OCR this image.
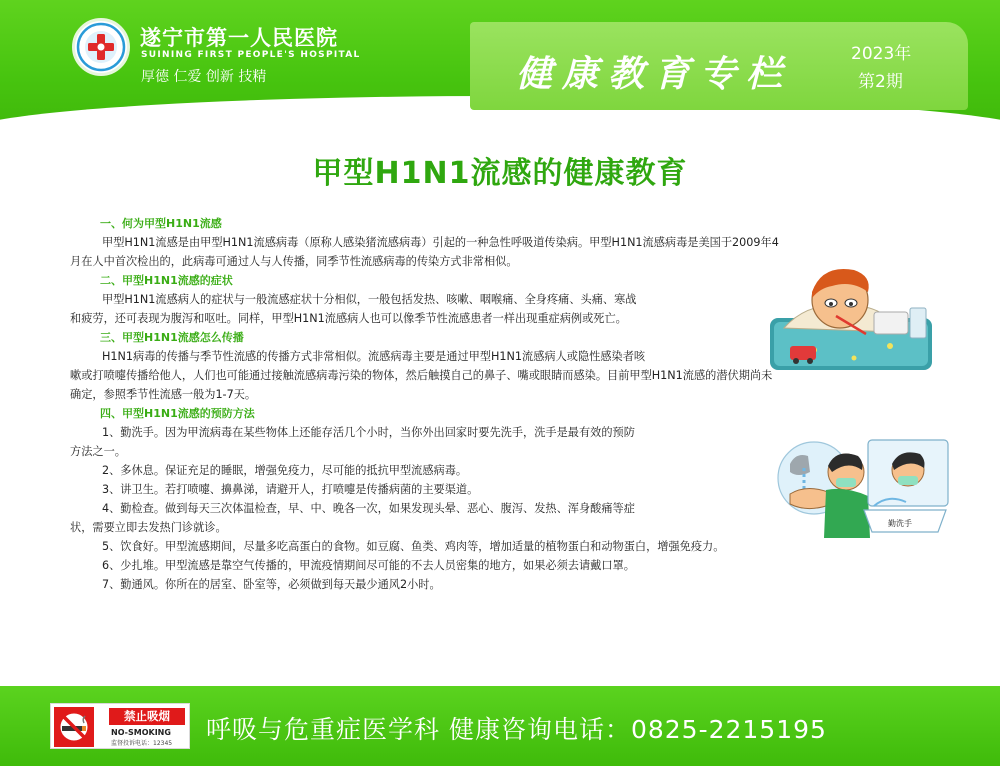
遂宁市第一人民医院
SUINING FIRST PEOPLE'S HOSPITAL
厚德 仁爱 创新 技精	健康教育专栏	2023年
第2期
甲型H1N1流感的健康教育
一、何为甲型H1N1流感
甲型H1N1流感是由甲型H1N1流感病毒（原称人感染猪流感病毒）引起的一种急性呼吸道传染病。甲型H1N1流感病毒是美国于2009年4
月在人中首次检出的，此病毒可通过人与人传播，同季节性流感病毒的传染方式非常相似。
二、甲型H1N1流感的症状
甲型H1N1流感病人的症状与一般流感症状十分相似，一般包括发热、咳嗽、咽喉痛、全身疼痛、头痛、寒战
和疲劳，还可表现为腹泻和呕吐。同样，甲型H1N1流感病人也可以像季节性流感患者一样出现重症病例或死亡。
三、甲型H1N1流感怎么传播
H1N1病毒的传播与季节性流感的传播方式非常相似。流感病毒主要是通过甲型H1N1流感病人或隐性感染者咳
嗽或打喷嚏传播给他人，人们也可能通过接触流感病毒污染的物体，然后触摸自己的鼻子、嘴或眼睛而感染。目前甲型H1N1流感的潜伏期尚未
确定，参照季节性流感一般为1-7天。
四、甲型H1N1流感的预防方法
1、勤洗手。因为甲流病毒在某些物体上还能存活几个小时，当你外出回家时要先洗手，洗手是最有效的预防
方法之一。
2、多休息。保证充足的睡眠，增强免疫力，尽可能的抵抗甲型流感病毒。
3、讲卫生。若打喷嚏、擤鼻涕，请避开人，打喷嚏是传播病菌的主要渠道。
4、勤检查。做到每天三次体温检查，早、中、晚各一次，如果发现头晕、恶心、腹泻、发热、浑身酸痛等症
状，需要立即去发热门诊就诊。
5、饮食好。甲型流感期间，尽量多吃高蛋白的食物。如豆腐、鱼类、鸡肉等，增加适量的植物蛋白和动物蛋白，增强免疫力。
6、少扎堆。甲型流感是靠空气传播的，甲流疫情期间尽可能的不去人员密集的地方，如果必须去请戴口罩。
7、勤通风。你所在的居室、卧室等，必须做到每天最少通风2小时。
勤洗手
禁止吸烟
NO-SMOKING
监督投诉电话：12345 呼吸与危重症医学科 健康咨询电话：0825-2215195
